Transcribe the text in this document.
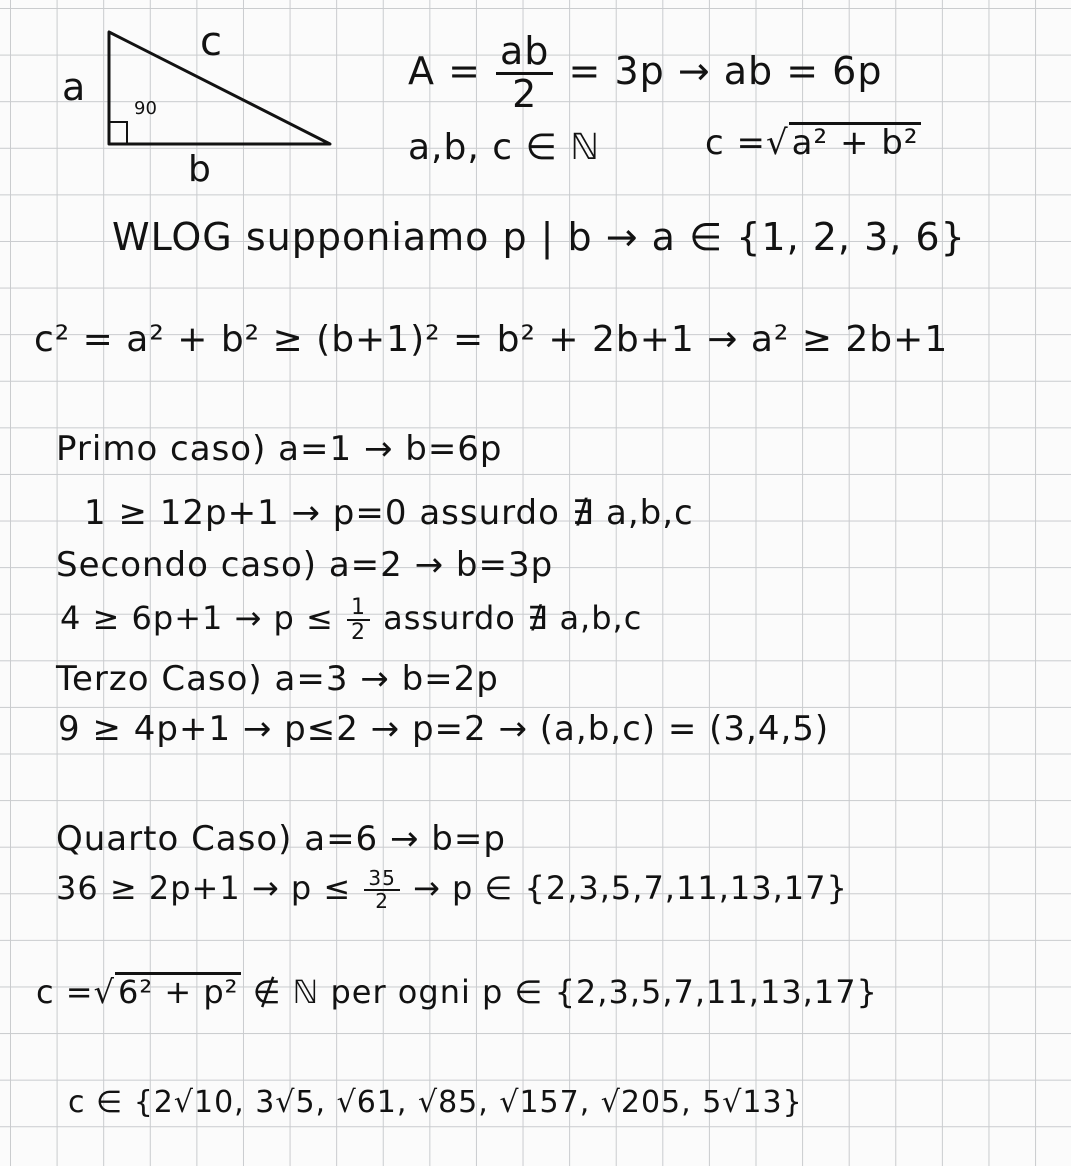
a
c
b
90
$A = \frac{ab}{2} = 3p$ → ab = 6p
a,b, c ∈ ℕ	c =√a² + b²
WLOG supponiamo p | b → a ∈ {1, 2, 3, 6}
c² = a² + b² ≥ (b+1)² = b² + 2b+1 → a² ≥ 2b+1
Primo caso) a=1 → b=6p
1 ≥ 12p+1 → p=0 assurdo ∄ a,b,c
Secondo caso) a=2 → b=3p
$4 \ge 6p+1 \to p \le \frac{1}{2}$ assurdo ∄ a,b,c
Terzo Caso) a=3 → b=2p
9 ≥ 4p+1 → p≤2 → p=2 → (a,b,c) = (3,4,5)
Quarto Caso) a=6 → b=p
$36 \ge 2p+1 \to p \le \frac{35}{2} \to p$ ∈ {2,3,5,7,11,13,17}
c =√6² + p² ∉ ℕ per ogni p ∈ {2,3,5,7,11,13,17}
c ∈ {2√10, 3√5, √61, √85, √157, √205, 5√13}
